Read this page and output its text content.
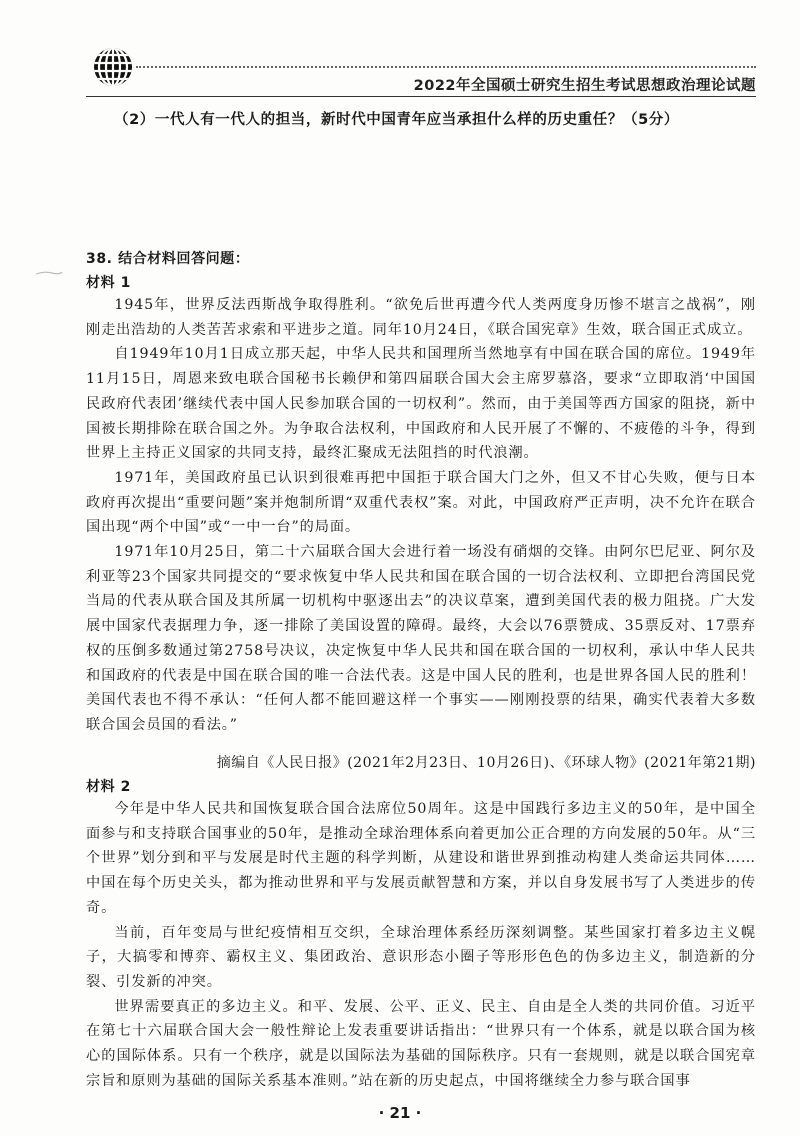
2022年全国硕士研究生招生考试思想政治理论试题
（2）一代人有一代人的担当，新时代中国青年应当承担什么样的历史重任？（5分）
38. 结合材料回答问题：
材料 1

1945年，世界反法西斯战争取得胜利。“欲免后世再遭今代人类两度身历惨不堪言之战祸”，刚刚走出浩劫的人类苦苦求索和平进步之道。同年10月24日，《联合国宪章》生效，联合国正式成立。

自1949年10月1日成立那天起，中华人民共和国理所当然地享有中国在联合国的席位。1949年11月15日，周恩来致电联合国秘书长赖伊和第四届联合国大会主席罗慕洛，要求“立即取消‘中国国民政府代表团’继续代表中国人民参加联合国的一切权利”。然而，由于美国等西方国家的阻挠，新中国被长期排除在联合国之外。为争取合法权利，中国政府和人民开展了不懈的、不疲倦的斗争，得到世界上主持正义国家的共同支持，最终汇聚成无法阻挡的时代浪潮。

1971年，美国政府虽已认识到很难再把中国拒于联合国大门之外，但又不甘心失败，便与日本政府再次提出“重要问题”案并炮制所谓“双重代表权”案。对此，中国政府严正声明，决不允许在联合国出现“两个中国”或“一中一台”的局面。

1971年10月25日，第二十六届联合国大会进行着一场没有硝烟的交锋。由阿尔巴尼亚、阿尔及利亚等23个国家共同提交的“要求恢复中华人民共和国在联合国的一切合法权利、立即把台湾国民党当局的代表从联合国及其所属一切机构中驱逐出去”的决议草案，遭到美国代表的极力阻挠。广大发展中国家代表据理力争，逐一排除了美国设置的障碍。最终，大会以76票赞成、35票反对、17票弃权的压倒多数通过第2758号决议，决定恢复中华人民共和国在联合国的一切权利，承认中华人民共和国政府的代表是中国在联合国的唯一合法代表。这是中国人民的胜利，也是世界各国人民的胜利！美国代表也不得不承认：“任何人都不能回避这样一个事实——刚刚投票的结果，确实代表着大多数联合国会员国的看法。”

摘编自《人民日报》(2021年2月23日、10月26日)、《环球人物》(2021年第21期)
材料 2

今年是中华人民共和国恢复联合国合法席位50周年。这是中国践行多边主义的50年，是中国全面参与和支持联合国事业的50年，是推动全球治理体系向着更加公正合理的方向发展的50年。从“三个世界”划分到和平与发展是时代主题的科学判断，从建设和谐世界到推动构建人类命运共同体……中国在每个历史关头，都为推动世界和平与发展贡献智慧和方案，并以自身发展书写了人类进步的传奇。

当前，百年变局与世纪疫情相互交织，全球治理体系经历深刻调整。某些国家打着多边主义幌子，大搞零和博弈、霸权主义、集团政治、意识形态小圈子等形形色色的伪多边主义，制造新的分裂、引发新的冲突。

世界需要真正的多边主义。和平、发展、公平、正义、民主、自由是全人类的共同价值。习近平在第七十六届联合国大会一般性辩论上发表重要讲话指出：“世界只有一个体系，就是以联合国为核心的国际体系。只有一个秩序，就是以国际法为基础的国际秩序。只有一套规则，就是以联合国宪章宗旨和原则为基础的国际关系基本准则。”站在新的历史起点，中国将继续全力参与联合国事

· 21 ·
